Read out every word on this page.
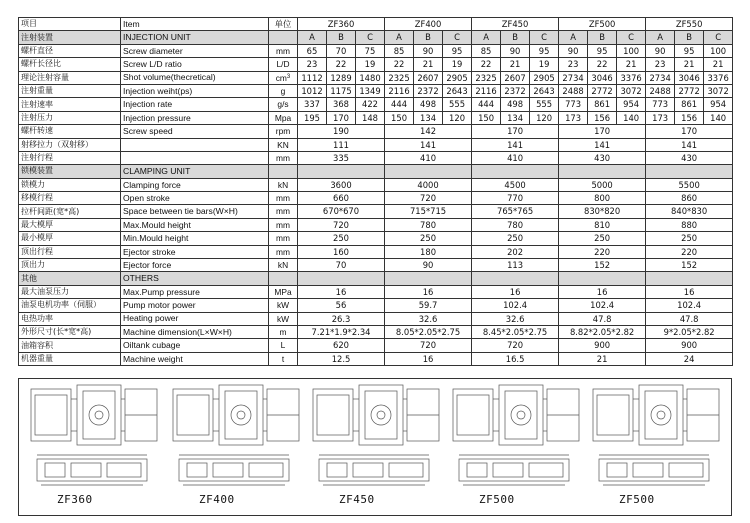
项目	Item	单位	ZF360			ZF400			ZF450			ZF500			ZF550		
注射装置	INJECTION UNIT		A	B	C	A	B	C	A	B	C	A	B	C	A	B	C
螺杆直径	Screw diameter	mm	65	70	75	85	90	95	85	90	95	90	95	100	90	95	100
螺杆长径比	Screw L/D ratio	L/D	23	22	19	22	21	19	22	21	19	23	22	21	23	21	21
理论注射容量	Shot volume(thecretical)	$cm^3$	1112	1289	1480	2325	2607	2905	2325	2607	2905	2734	3046	3376	2734	3046	3376
注射重量	Injection weiht(ps)	g	1012	1175	1349	2116	2372	2643	2116	2372	2643	2488	2772	3072	2488	2772	3072
注射速率	Injection rate	g/s	337	368	422	444	498	555	444	498	555	773	861	954	773	861	954
注射压力	Injection pressure	Mpa	195	170	148	150	134	120	150	134	120	173	156	140	173	156	140
螺杆转速	Screw speed	rpm	190			142			170			170			170		
射移拉力（双射移）		KN	111			141			141			141			141		
注射行程		mm	335			410			410			430			430		
锁模装置	CLAMPING UNIT																
锁模力	Clamping force	kN	3600			4000			4500			5000			5500		
移模行程	Open stroke	mm	660			720			770			800			860		
拉杆间距(宽*高)	Space between tie bars(W×H)	mm	670*670			715*715			765*765			830*820			840*830		
最大模厚	Max.Mould height	mm	720			780			780			810			880		
最小模厚	Min.Mould height	mm	250			250			250			250			250		
顶出行程	Ejector stroke	mm	160			180			202			220			220		
顶出力	Ejector force	kN	70			90			113			152			152		
其他	OTHERS																
最大油泵压力	Max.Pump pressure	MPa	16			16			16			16			16		
油泵电机功率（伺服）	Pump motor power	kW	56			59.7			102.4			102.4			102.4		
电热功率	Heating power	kW	26.3			32.6			32.6			47.8			47.8		
外形尺寸(长*宽*高)	Machine dimension(L×W×H)	m	7.21*1.9*2.34			8.05*2.05*2.75			8.45*2.05*2.75			8.82*2.05*2.82			9*2.05*2.82		
油箱容积	Oiltank cubage	L	620			720			720			900			900		
机器重量	Machine weight	t	12.5			16			16.5			21			24		
ZF360	ZF400	ZF450	ZF500	ZF500
